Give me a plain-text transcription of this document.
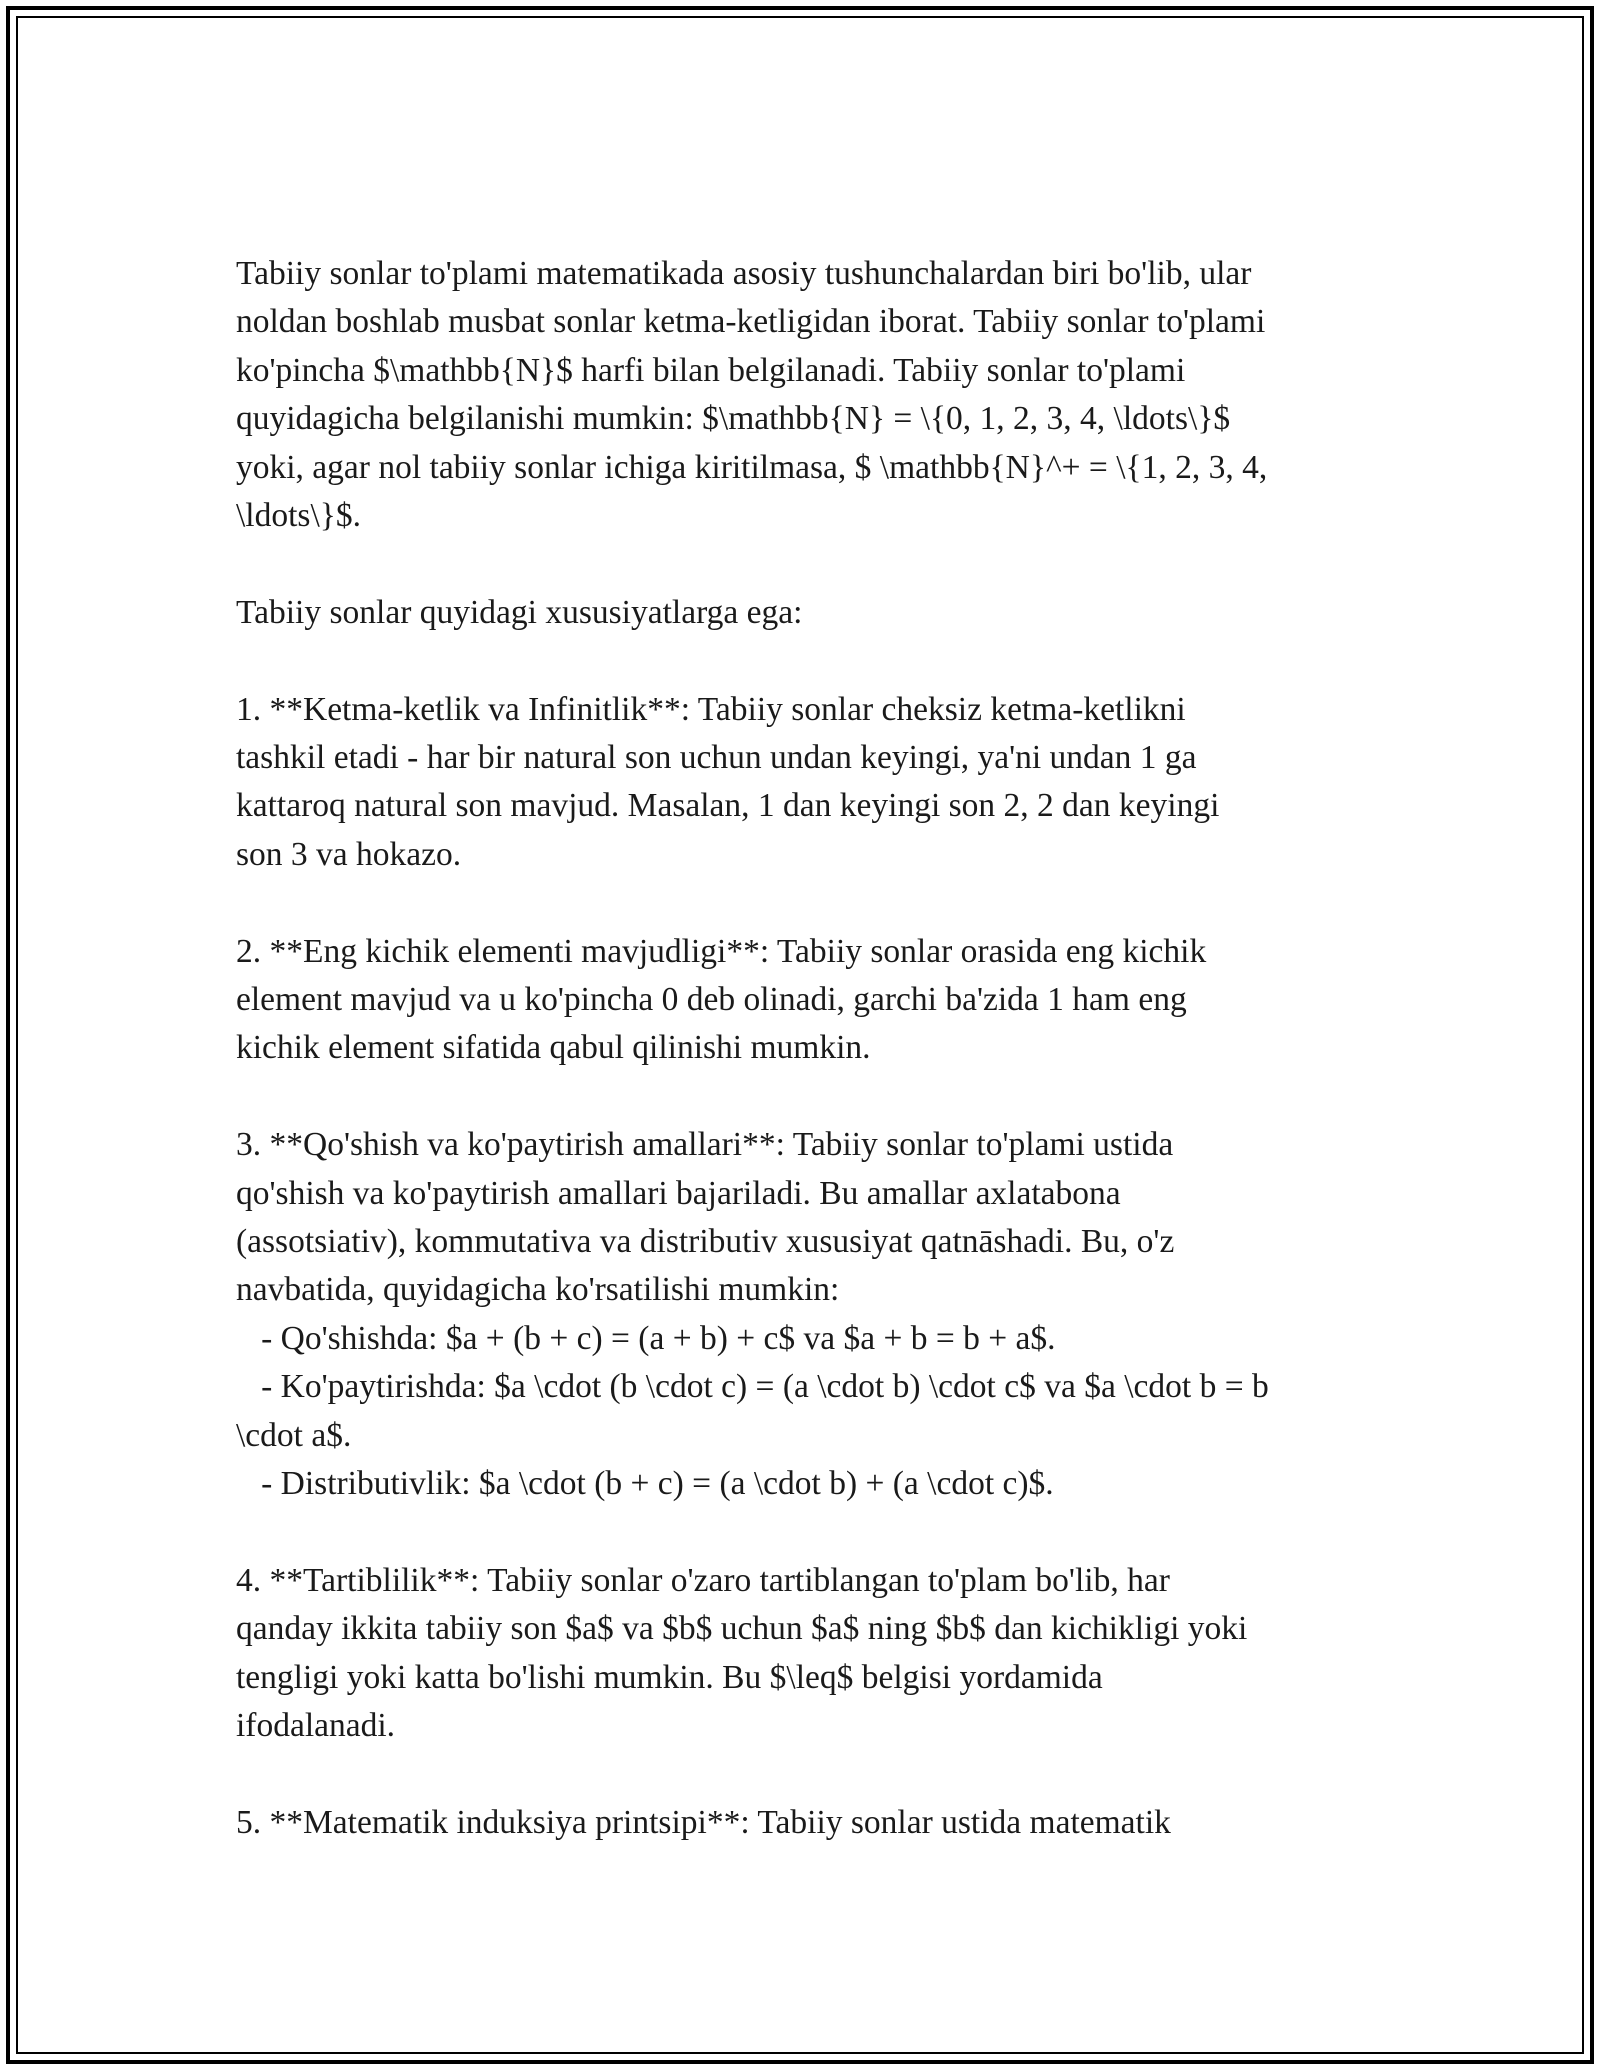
Tabiiy sonlar to'plami matematikada asosiy tushunchalardan biri bo'lib, ular

noldan boshlab musbat sonlar ketma-ketligidan iborat. Tabiiy sonlar to'plami

ko'pincha $\mathbb{N}$ harfi bilan belgilanadi. Tabiiy sonlar to'plami

quyidagicha belgilanishi mumkin: $\mathbb{N} = \{0, 1, 2, 3, 4, \ldots\}$

yoki, agar nol tabiiy sonlar ichiga kiritilmasa, $ \mathbb{N}^+ = \{1, 2, 3, 4,

\ldots\}$.

Tabiiy sonlar quyidagi xususiyatlarga ega:

1. **Ketma-ketlik va Infinitlik**: Tabiiy sonlar cheksiz ketma-ketlikni

tashkil etadi - har bir natural son uchun undan keyingi, ya'ni undan 1 ga

kattaroq natural son mavjud. Masalan, 1 dan keyingi son 2, 2 dan keyingi

son 3 va hokazo.

2. **Eng kichik elementi mavjudligi**: Tabiiy sonlar orasida eng kichik

element mavjud va u ko'pincha 0 deb olinadi, garchi ba'zida 1 ham eng

kichik element sifatida qabul qilinishi mumkin.

3. **Qo'shish va ko'paytirish amallari**: Tabiiy sonlar to'plami ustida

qo'shish va ko'paytirish amallari bajariladi. Bu amallar axlatabona

(assotsiativ), kommutativa va distributiv xususiyat qatnāshadi. Bu, o'z

navbatida, quyidagicha ko'rsatilishi mumkin:

- Qo'shishda: $a + (b + c) = (a + b) + c$ va $a + b = b + a$.

- Ko'paytirishda: $a \cdot (b \cdot c) = (a \cdot b) \cdot c$ va $a \cdot b = b

\cdot a$.

- Distributivlik: $a \cdot (b + c) = (a \cdot b) + (a \cdot c)$.

4. **Tartiblilik**: Tabiiy sonlar o'zaro tartiblangan to'plam bo'lib, har

qanday ikkita tabiiy son $a$ va $b$ uchun $a$ ning $b$ dan kichikligi yoki

tengligi yoki katta bo'lishi mumkin. Bu $\leq$ belgisi yordamida

ifodalanadi.

5. **Matematik induksiya printsipi**: Tabiiy sonlar ustida matematik
